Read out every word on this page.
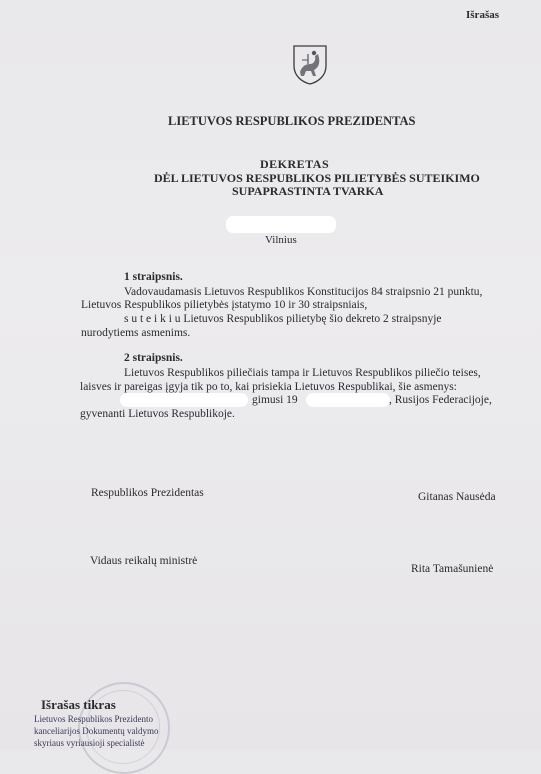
Išrašas
LIETUVOS RESPUBLIKOS PREZIDENTAS
DEKRETAS
DĖL LIETUVOS RESPUBLIKOS PILIETYBĖS SUTEIKIMO
SUPAPRASTINTA TVARKA
Vilnius
1 straipsnis.
Vadovaudamasis Lietuvos Respublikos Konstitucijos 84 straipsnio 21 punktu,
Lietuvos Respublikos pilietybės įstatymo 10 ir 30 straipsniais,
s u t e i k i u Lietuvos Respublikos pilietybę šio dekreto 2 straipsnyje
nurodytiems asmenims.
2 straipsnis.
Lietuvos Respublikos piliečiais tampa ir Lietuvos Respublikos piliečio teises,
laisves ir pareigas įgyja tik po to, kai prisiekia Lietuvos Respublikai, šie asmenys:
gimusi 19	, Rusijos Federacijoje,
gyvenanti Lietuvos Respublikoje.
Respublikos Prezidentas	Gitanas Nausėda
Vidaus reikalų ministrė
Rita Tamašunienė
Išrašas tikras
Lietuvos Respublikos Prezidento
kanceliarijos Dokumentų valdymo
skyriaus vyriausioji specialistė
